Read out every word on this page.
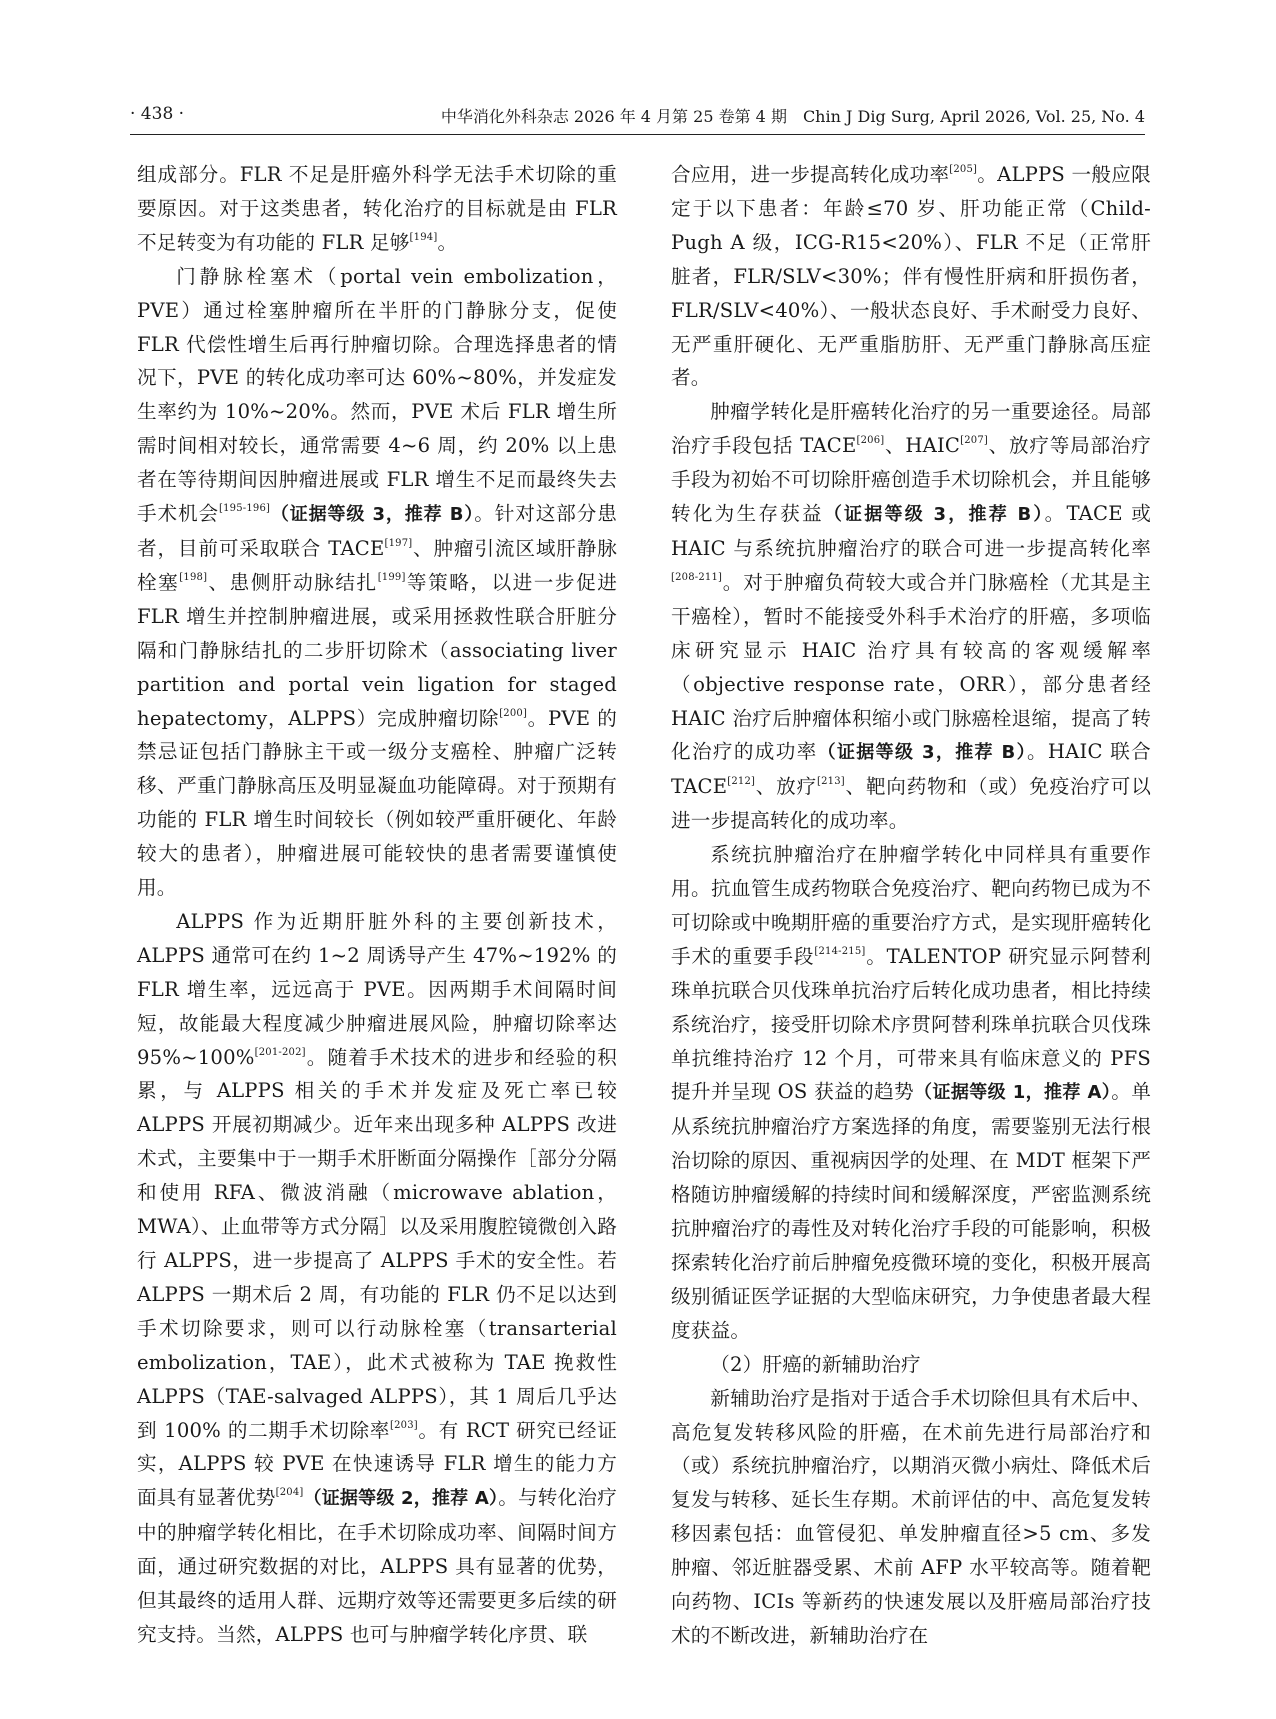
· 438 ·	中华消化外科杂志 2026 年 4 月第 25 卷第 4 期　Chin J Dig Surg, April 2026, Vol. 25, No. 4

组成部分。FLR 不足是肝癌外科学无法手术切除的重要原因。对于这类患者，转化治疗的目标就是由 FLR 不足转变为有功能的 FLR 足够[194]。

门静脉栓塞术（portal vein embolization，PVE）通过栓塞肿瘤所在半肝的门静脉分支，促使 FLR 代偿性增生后再行肿瘤切除。合理选择患者的情况下，PVE 的转化成功率可达 60%~80%，并发症发生率约为 10%~20%。然而，PVE 术后 FLR 增生所需时间相对较长，通常需要 4~6 周，约 20% 以上患者在等待期间因肿瘤进展或 FLR 增生不足而最终失去手术机会[195-196]（证据等级 3，推荐 B）。针对这部分患者，目前可采取联合 TACE[197]、肿瘤引流区域肝静脉栓塞[198]、患侧肝动脉结扎[199]等策略，以进一步促进 FLR 增生并控制肿瘤进展，或采用拯救性联合肝脏分隔和门静脉结扎的二步肝切除术（associating liver partition and portal vein ligation for staged hepatectomy，ALPPS）完成肿瘤切除[200]。PVE 的禁忌证包括门静脉主干或一级分支癌栓、肿瘤广泛转移、严重门静脉高压及明显凝血功能障碍。对于预期有功能的 FLR 增生时间较长（例如较严重肝硬化、年龄较大的患者），肿瘤进展可能较快的患者需要谨慎使用。

ALPPS 作为近期肝脏外科的主要创新技术，ALPPS 通常可在约 1~2 周诱导产生 47%~192% 的 FLR 增生率，远远高于 PVE。因两期手术间隔时间短，故能最大程度减少肿瘤进展风险，肿瘤切除率达 95%~100%[201-202]。随着手术技术的进步和经验的积累，与 ALPPS 相关的手术并发症及死亡率已较 ALPPS 开展初期减少。近年来出现多种 ALPPS 改进术式，主要集中于一期手术肝断面分隔操作［部分分隔和使用 RFA、微波消融（microwave ablation，MWA）、止血带等方式分隔］以及采用腹腔镜微创入路行 ALPPS，进一步提高了 ALPPS 手术的安全性。若 ALPPS 一期术后 2 周，有功能的 FLR 仍不足以达到手术切除要求，则可以行动脉栓塞（transarterial embolization，TAE），此术式被称为 TAE 挽救性 ALPPS（TAE-salvaged ALPPS），其 1 周后几乎达到 100% 的二期手术切除率[203]。有 RCT 研究已经证实，ALPPS 较 PVE 在快速诱导 FLR 增生的能力方面具有显著优势[204]（证据等级 2，推荐 A）。与转化治疗中的肿瘤学转化相比，在手术切除成功率、间隔时间方面，通过研究数据的对比，ALPPS 具有显著的优势，但其最终的适用人群、远期疗效等还需要更多后续的研究支持。当然，ALPPS 也可与肿瘤学转化序贯、联

合应用，进一步提高转化成功率[205]。ALPPS 一般应限定于以下患者：年龄≤70 岁、肝功能正常（Child-Pugh A 级，ICG-R15<20%）、FLR 不足（正常肝脏者，FLR/SLV<30%；伴有慢性肝病和肝损伤者，FLR/SLV<40%）、一般状态良好、手术耐受力良好、无严重肝硬化、无严重脂肪肝、无严重门静脉高压症者。

肿瘤学转化是肝癌转化治疗的另一重要途径。局部治疗手段包括 TACE[206]、HAIC[207]、放疗等局部治疗手段为初始不可切除肝癌创造手术切除机会，并且能够转化为生存获益（证据等级 3，推荐 B）。TACE 或 HAIC 与系统抗肿瘤治疗的联合可进一步提高转化率[208-211]。对于肿瘤负荷较大或合并门脉癌栓（尤其是主干癌栓），暂时不能接受外科手术治疗的肝癌，多项临床研究显示 HAIC 治疗具有较高的客观缓解率（objective response rate，ORR），部分患者经 HAIC 治疗后肿瘤体积缩小或门脉癌栓退缩，提高了转化治疗的成功率（证据等级 3，推荐 B）。HAIC 联合 TACE[212]、放疗[213]、靶向药物和（或）免疫治疗可以进一步提高转化的成功率。

系统抗肿瘤治疗在肿瘤学转化中同样具有重要作用。抗血管生成药物联合免疫治疗、靶向药物已成为不可切除或中晚期肝癌的重要治疗方式，是实现肝癌转化手术的重要手段[214-215]。TALENTOP 研究显示阿替利珠单抗联合贝伐珠单抗治疗后转化成功患者，相比持续系统治疗，接受肝切除术序贯阿替利珠单抗联合贝伐珠单抗维持治疗 12 个月，可带来具有临床意义的 PFS 提升并呈现 OS 获益的趋势（证据等级 1，推荐 A）。单从系统抗肿瘤治疗方案选择的角度，需要鉴别无法行根治切除的原因、重视病因学的处理、在 MDT 框架下严格随访肿瘤缓解的持续时间和缓解深度，严密监测系统抗肿瘤治疗的毒性及对转化治疗手段的可能影响，积极探索转化治疗前后肿瘤免疫微环境的变化，积极开展高级别循证医学证据的大型临床研究，力争使患者最大程度获益。

（2）肝癌的新辅助治疗

新辅助治疗是指对于适合手术切除但具有术后中、高危复发转移风险的肝癌，在术前先进行局部治疗和（或）系统抗肿瘤治疗，以期消灭微小病灶、降低术后复发与转移、延长生存期。术前评估的中、高危复发转移因素包括：血管侵犯、单发肿瘤直径>5 cm、多发肿瘤、邻近脏器受累、术前 AFP 水平较高等。随着靶向药物、ICIs 等新药的快速发展以及肝癌局部治疗技术的不断改进，新辅助治疗在
